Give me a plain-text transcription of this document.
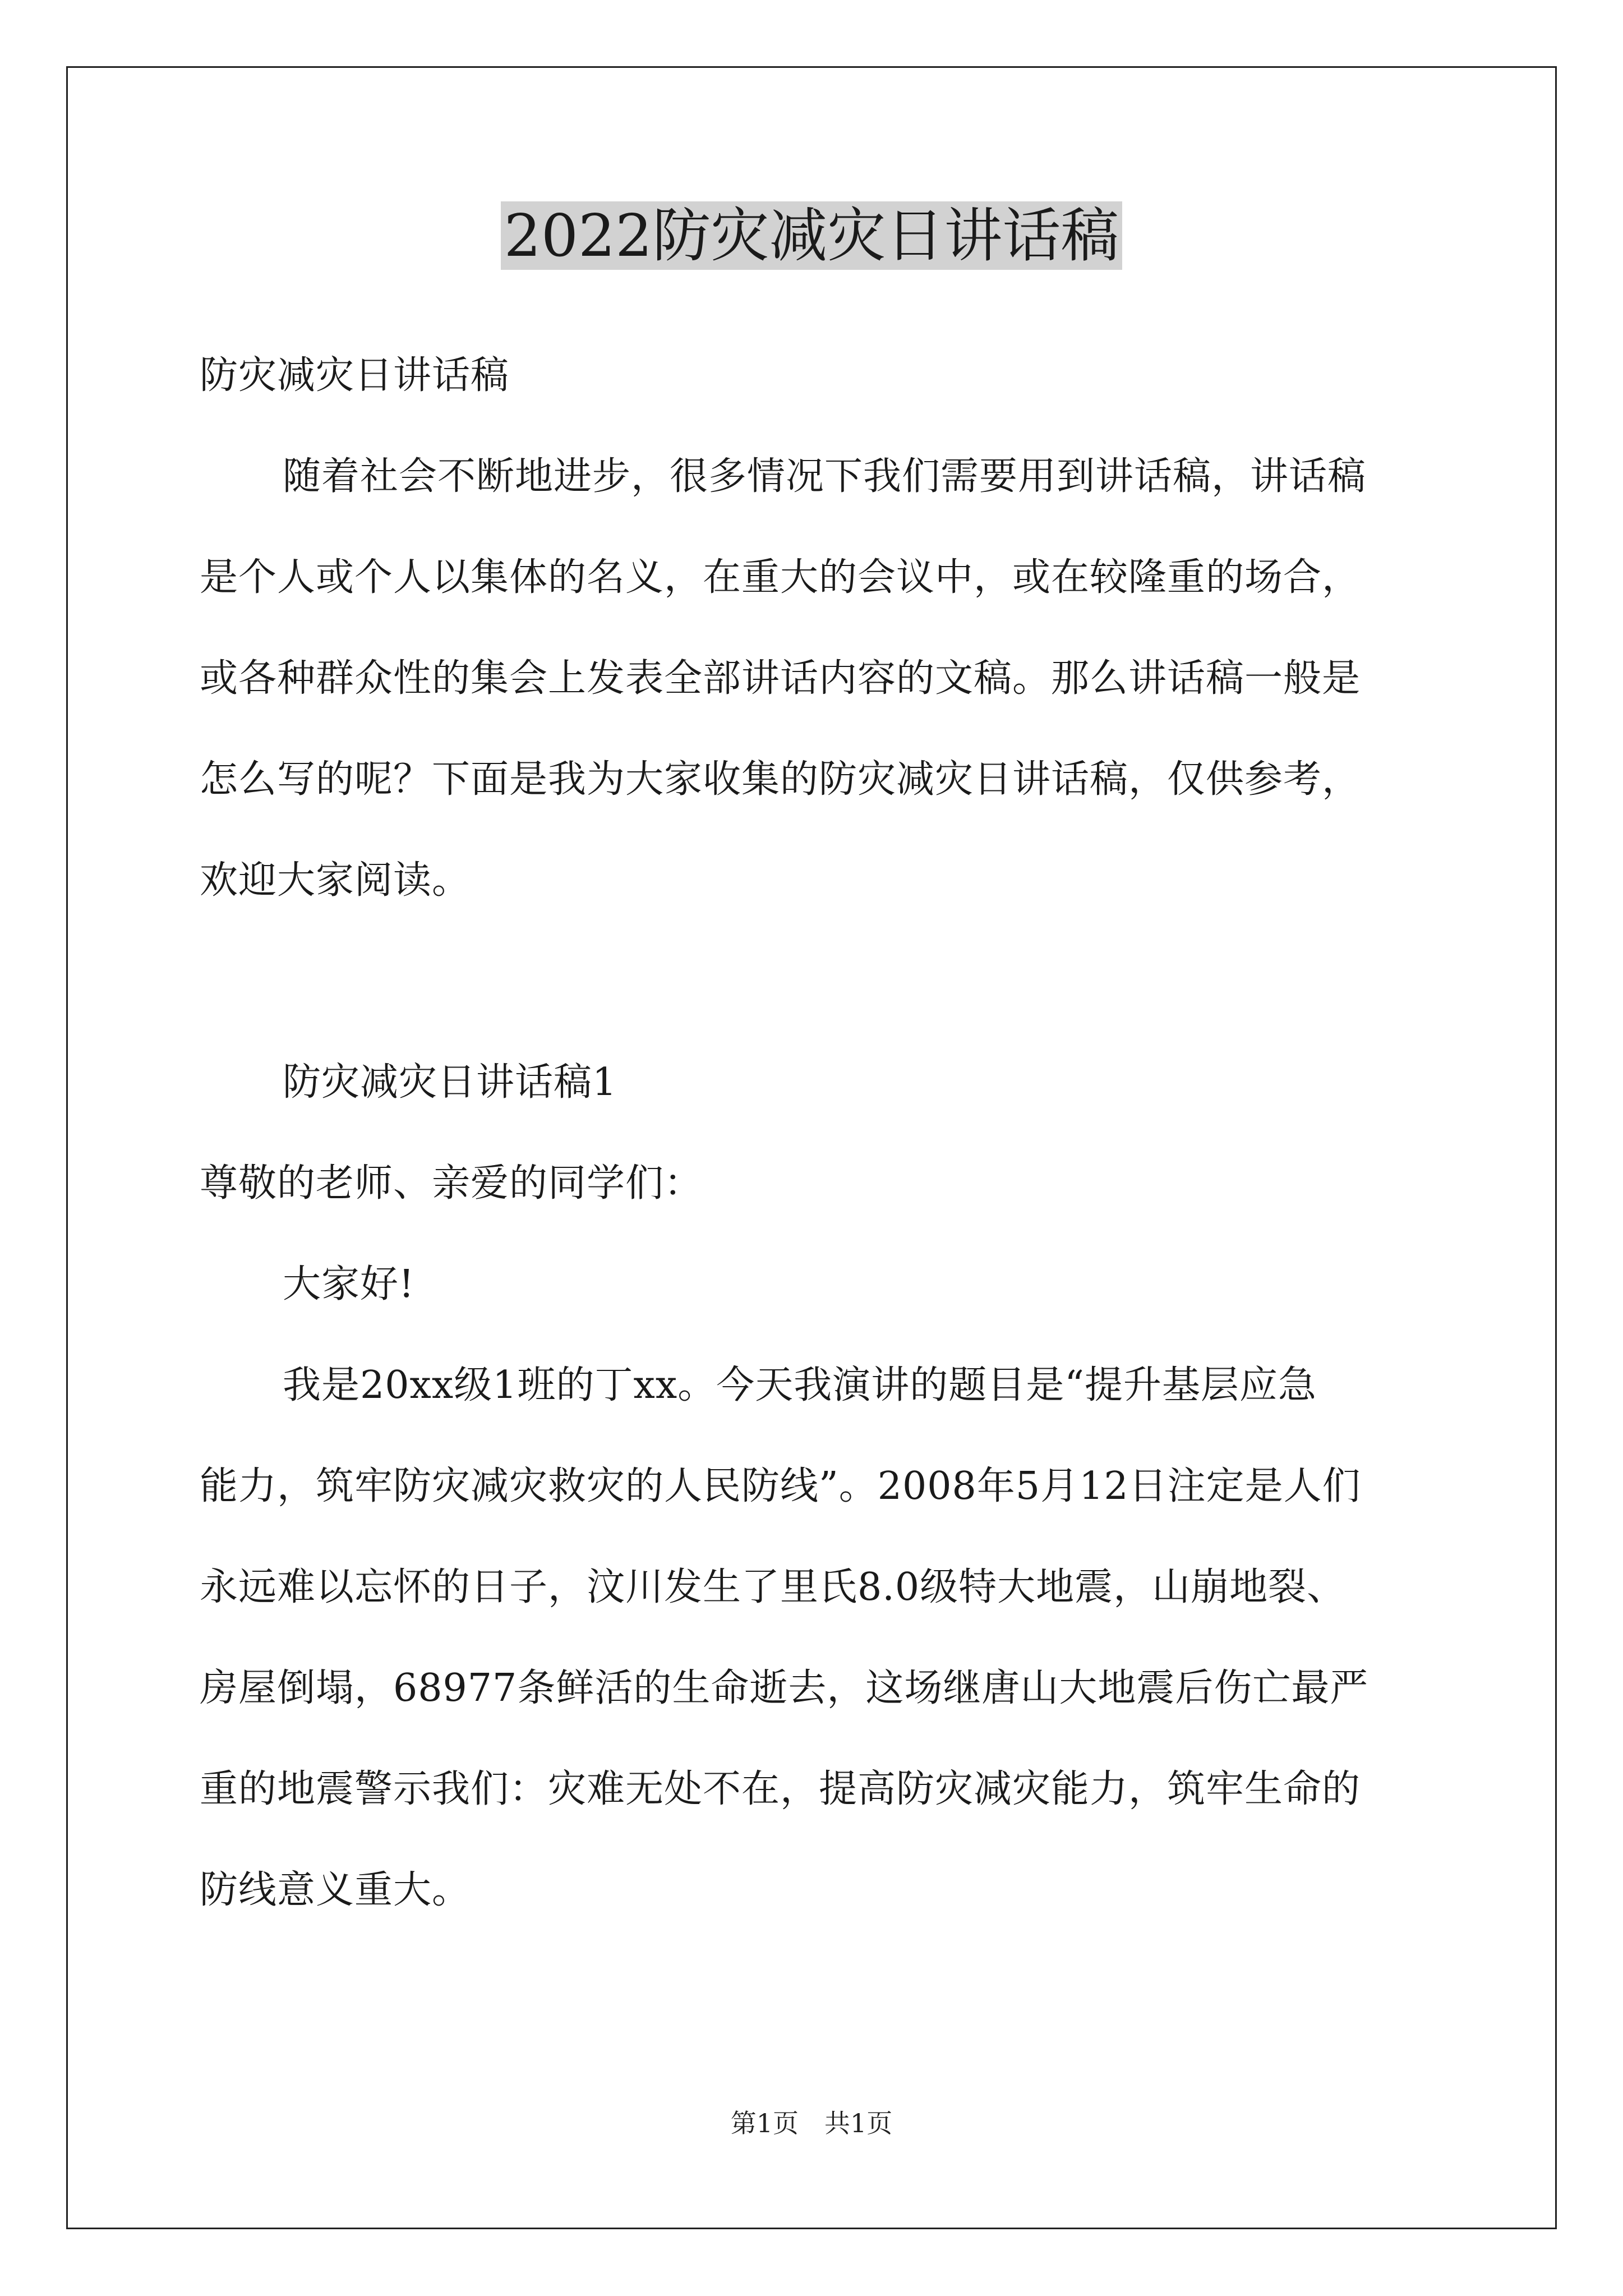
2022防灾减灾日讲话稿
防灾减灾日讲话稿
随着社会不断地进步，很多情况下我们需要用到讲话稿，讲话稿
是个人或个人以集体的名义，在重大的会议中，或在较隆重的场合，
或各种群众性的集会上发表全部讲话内容的文稿。那么讲话稿一般是
怎么写的呢？下面是我为大家收集的防灾减灾日讲话稿，仅供参考，
欢迎大家阅读。
防灾减灾日讲话稿1
尊敬的老师、亲爱的同学们：
大家好!
我是20xx级1班的丁xx。今天我演讲的题目是“提升基层应急
能力，筑牢防灾减灾救灾的人民防线”。2008年5月12日注定是人们
永远难以忘怀的日子，汶川发生了里氏8.0级特大地震，山崩地裂、
房屋倒塌，68977条鲜活的生命逝去，这场继唐山大地震后伤亡最严
重的地震警示我们：灾难无处不在，提高防灾减灾能力，筑牢生命的
防线意义重大。
第1页　共1页
